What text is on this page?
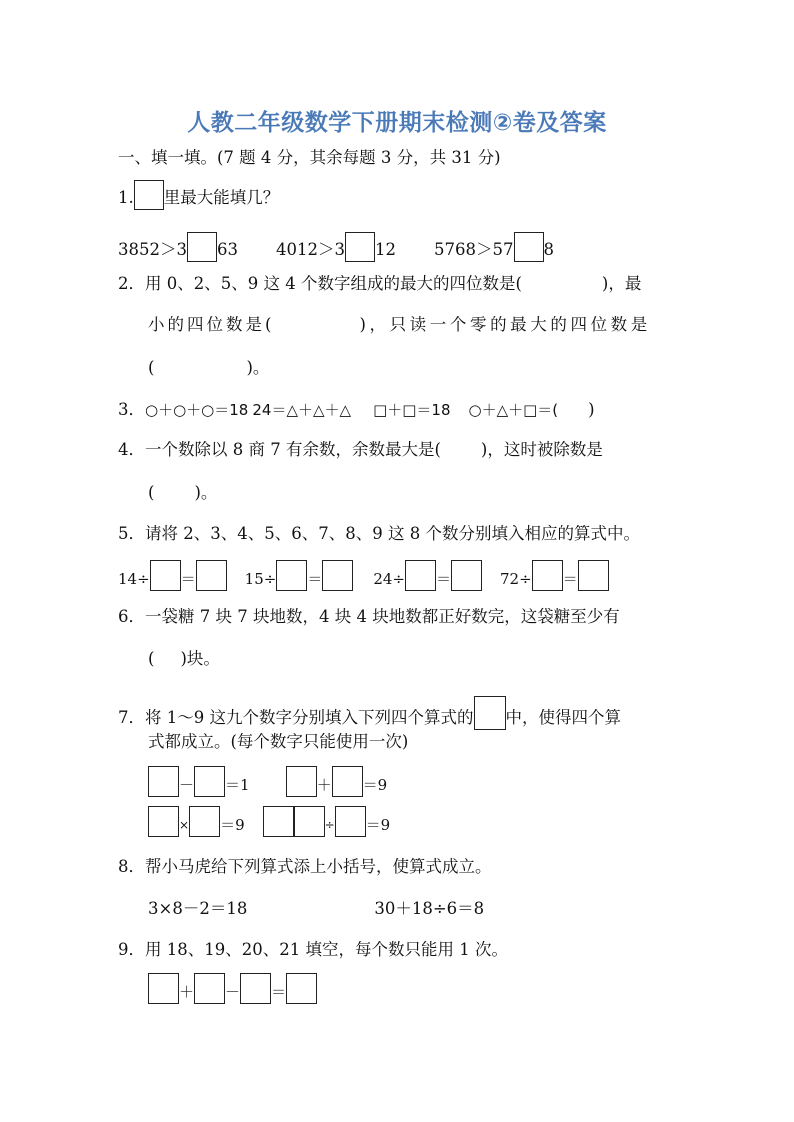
人教二年级数学下册期末检测②卷及答案
一、填一填。(7 题 4 分，其余每题 3 分，共 31 分)
1. 里最大能填几？
3852＞3 63 4012＞3 12 5768＞57 8
2． 用 0、2、5、9 这 4 个数字组成的最大的四位数是(	)，最
小的四位数是(	)，只读一个零的最大的四位数是
(	)。
3． ○＋○＋○＝18 24＝△＋△＋△ □＋□＝18 ○＋△＋□＝( )
4． 一个数除以 8 商 7 有余数，余数最大是( )，这时被除数是
( )。
5． 请将 2、3、4、5、6、7、8、9 这 8 个数分别填入相应的算式中。
14÷ ＝	15÷ ＝	24÷ ＝	72÷ ＝
6． 一袋糖 7 块 7 块地数，4 块 4 块地数都正好数完，这袋糖至少有
( )块。
7． 将 1～9 这九个数字分别填入下列四个算式的 中，使得四个算
式都成立。(每个数字只能使用一次)
－ ＝1	＋ ＝9
× ＝9	÷ ＝9
8． 帮小马虎给下列算式添上小括号，使算式成立。
3×8－2＝18	30＋18÷6＝8
9． 用 18、19、20、21 填空，每个数只能用 1 次。
＋ － ＝
